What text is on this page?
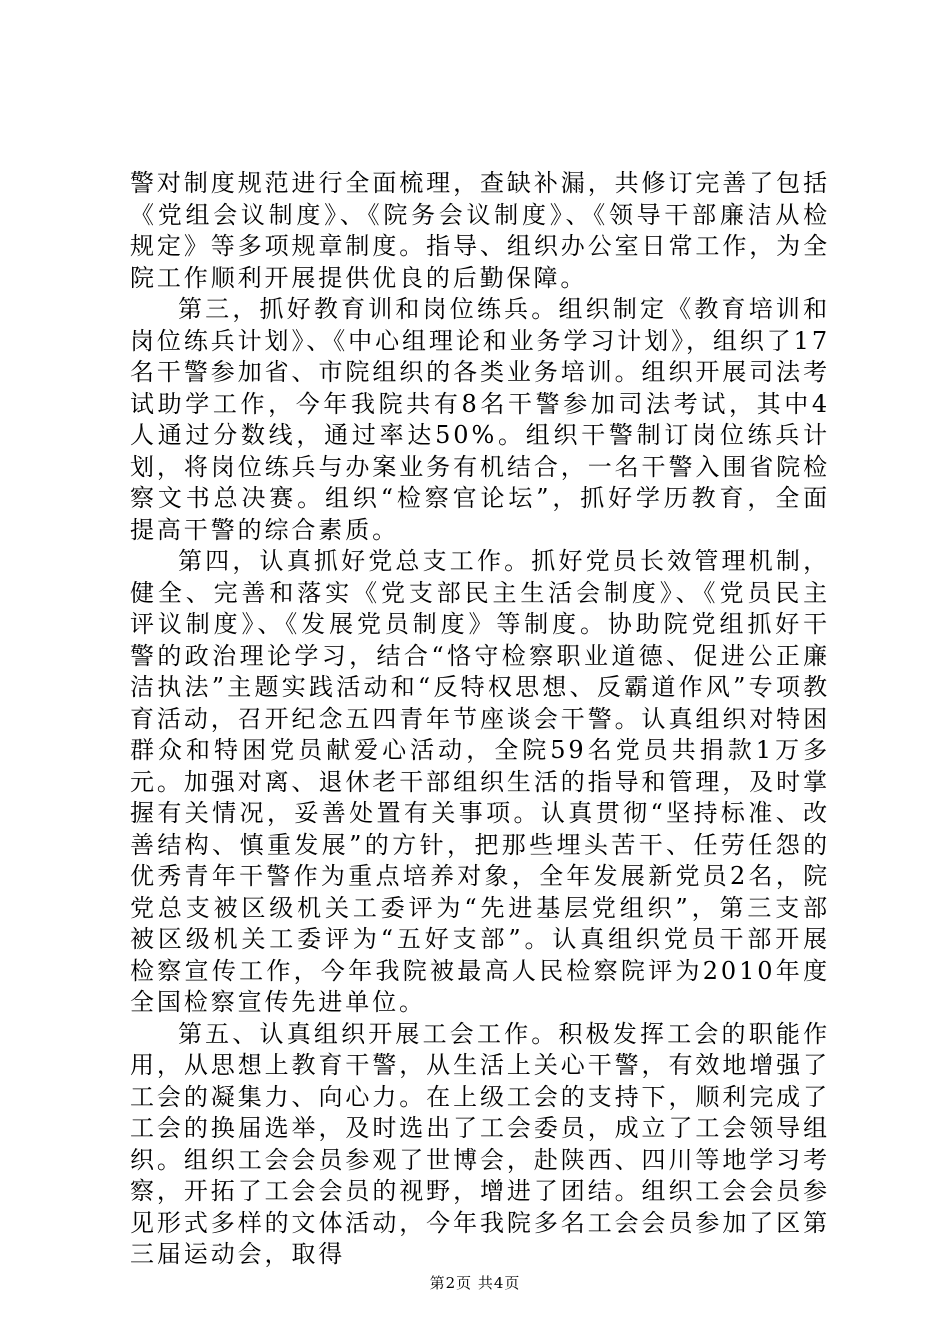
警对制度规范进行全面梳理，查缺补漏，共修订完善了包括《党组会议制度》、《院务会议制度》、《领导干部廉洁从检规定》等多项规章制度。指导、组织办公室日常工作，为全院工作顺利开展提供优良的后勤保障。

第三，抓好教育训和岗位练兵。组织制定《教育培训和岗位练兵计划》、《中心组理论和业务学习计划》，组织了17名干警参加省、市院组织的各类业务培训。组织开展司法考试助学工作，今年我院共有8名干警参加司法考试，其中4人通过分数线，通过率达50%。组织干警制订岗位练兵计划，将岗位练兵与办案业务有机结合，一名干警入围省院检察文书总决赛。组织“检察官论坛”，抓好学历教育，全面提高干警的综合素质。

第四，认真抓好党总支工作。抓好党员长效管理机制，健全、完善和落实《党支部民主生活会制度》、《党员民主评议制度》、《发展党员制度》等制度。协助院党组抓好干警的政治理论学习，结合“恪守检察职业道德、促进公正廉洁执法”主题实践活动和“反特权思想、反霸道作风”专项教育活动，召开纪念五四青年节座谈会干警。认真组织对特困群众和特困党员献爱心活动，全院59名党员共捐款1万多元。加强对离、退休老干部组织生活的指导和管理，及时掌握有关情况，妥善处置有关事项。认真贯彻“坚持标准、改善结构、慎重发展”的方针，把那些埋头苦干、任劳任怨的优秀青年干警作为重点培养对象，全年发展新党员2名，院党总支被区级机关工委评为“先进基层党组织”，第三支部被区级机关工委评为“五好支部”。认真组织党员干部开展检察宣传工作，今年我院被最高人民检察院评为2010年度全国检察宣传先进单位。

第五、认真组织开展工会工作。积极发挥工会的职能作用，从思想上教育干警，从生活上关心干警，有效地增强了工会的凝集力、向心力。在上级工会的支持下，顺利完成了工会的换届选举，及时选出了工会委员，成立了工会领导组织。组织工会会员参观了世博会，赴陕西、四川等地学习考察，开拓了工会会员的视野，增进了团结。组织工会会员参见形式多样的文体活动，今年我院多名工会会员参加了区第三届运动会，取得

第2页 共4页
